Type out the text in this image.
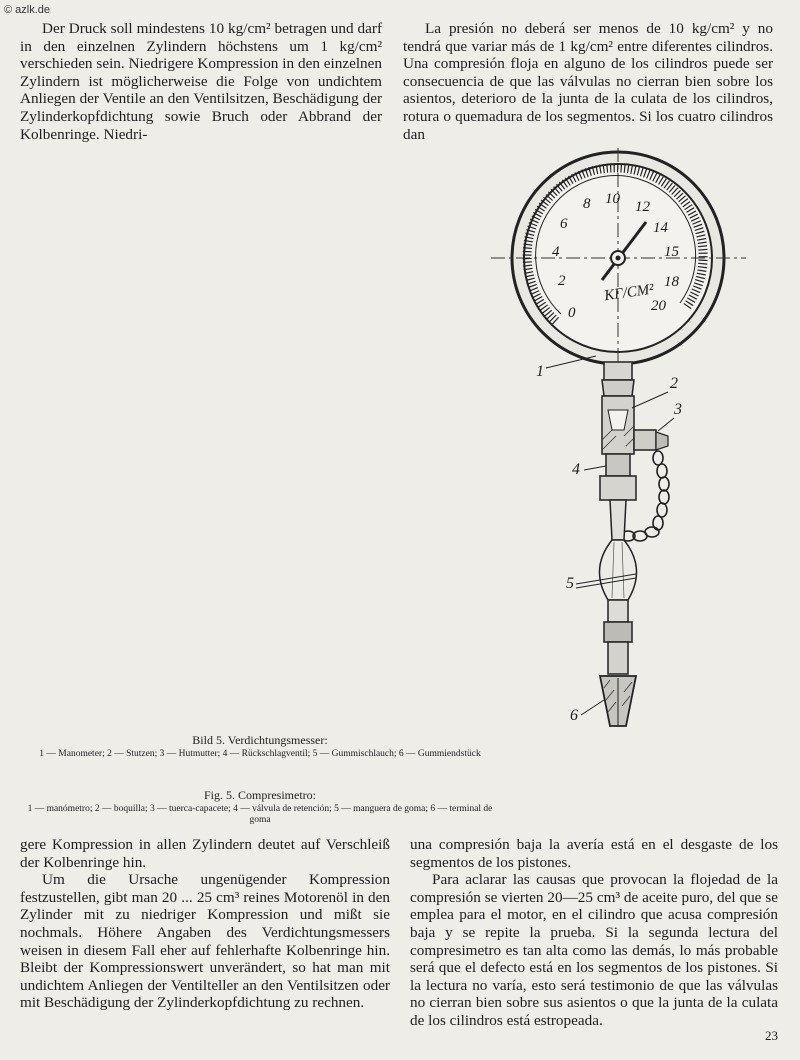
© azlk.de

Der Druck soll mindestens 10 kg/cm² betragen und darf in den einzelnen Zylindern höchstens um 1 kg/cm² verschieden sein. Niedrigere Kompression in den einzelnen Zylindern ist möglicherweise die Folge von undichtem Anliegen der Ventile an den Ventilsitzen, Beschädigung der Zylinderkopfdichtung sowie Bruch oder Abbrand der Kolbenringe. Niedri-

La presión no deberá ser menos de 10 kg/cm² y no tendrá que variar más de 1 kg/cm² entre diferentes cilindros. Una compresión floja en alguno de los cilindros puede ser consecuencia de que las válvulas no cierran bien sobre los asientos, deterioro de la junta de la culata de los cilindros, rotura o quemadura de los segmentos. Si los cuatro cilindros dan

0
2
4
6
8 10 12
14
15
18
20
КГ/СМ²
1
2
3
4
5
6
Bild 5. Verdichtungsmesser:
1 — Manometer; 2 — Stutzen; 3 — Hutmutter; 4 — Rückschlagventil; 5 — Gummischlauch; 6 — Gummiendstück
Fig. 5. Compresimetro:
1 — manómetro; 2 — boquilla; 3 — tuerca-capacete; 4 — válvula de retención; 5 — manguera de goma; 6 — terminal de goma

gere Kompression in allen Zylindern deutet auf Verschleiß der Kolbenringe hin.

Um die Ursache ungenügender Kompression festzustellen, gibt man 20 ... 25 cm³ reines Motorenöl in den Zylinder mit zu niedriger Kompression und mißt sie nochmals. Höhere Angaben des Verdichtungsmessers weisen in diesem Fall eher auf fehlerhafte Kolbenringe hin. Bleibt der Kompressionswert unverändert, so hat man mit undichtem Anliegen der Ventilteller an den Ventilsitzen oder mit Beschädigung der Zylinderkopfdichtung zu rechnen.

una compresión baja la avería está en el desgaste de los segmentos de los pistones.

Para aclarar las causas que provocan la flojedad de la compresión se vierten 20—25 cm³ de aceite puro, del que se emplea para el motor, en el cilindro que acusa compresión baja y se repite la prueba. Si la segunda lectura del compresimetro es tan alta como las demás, lo más probable será que el defecto está en los segmentos de los pistones. Si la lectura no varía, esto será testimonio de que las válvulas no cierran bien sobre sus asientos o que la junta de la culata de los cilindros está estropeada.

23
